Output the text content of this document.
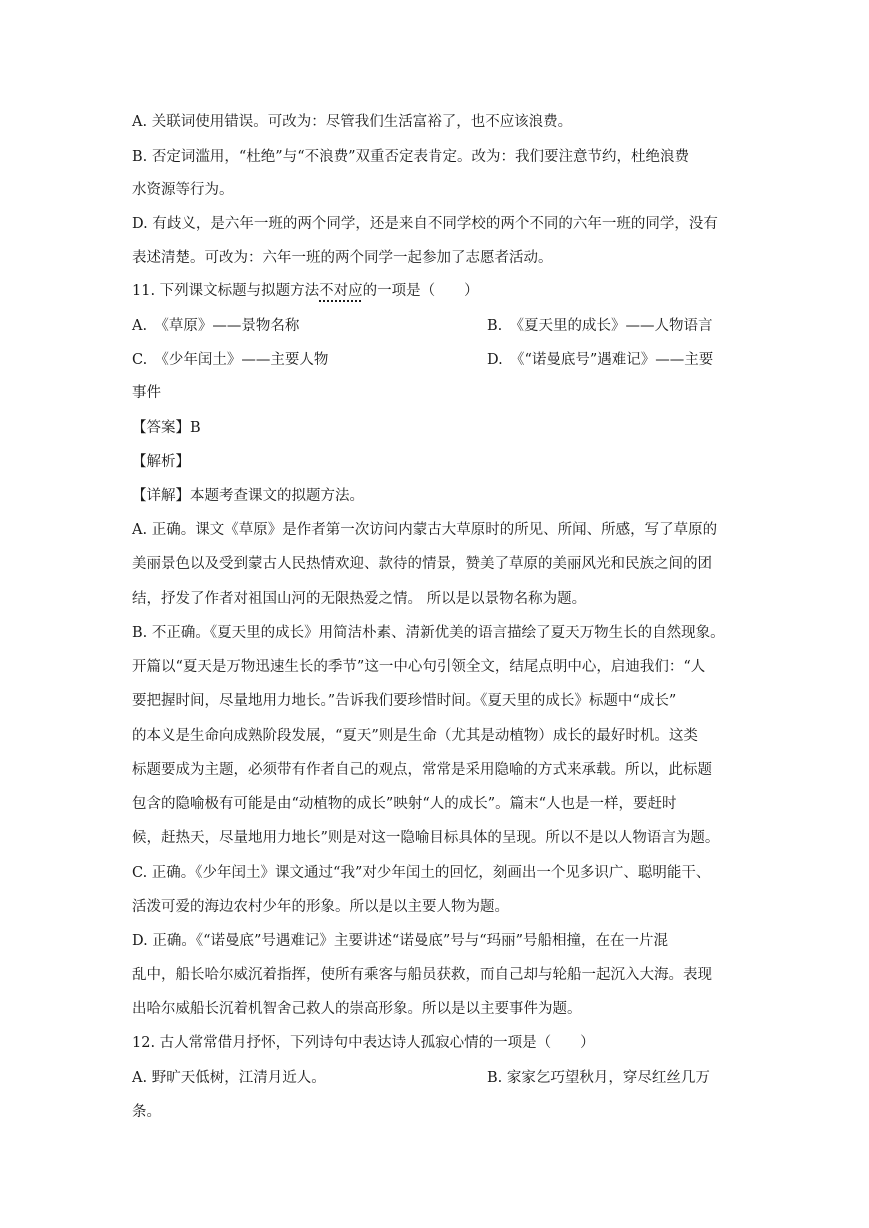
A. 关联词使用错误。可改为：尽管我们生活富裕了，也不应该浪费。
B. 否定词滥用，“杜绝”与“不浪费”双重否定表肯定。改为：我们要注意节约，杜绝浪费
水资源等行为。
D. 有歧义，是六年一班的两个同学，还是来自不同学校的两个不同的六年一班的同学，没有
表述清楚。可改为：六年一班的两个同学一起参加了志愿者活动。
11. 下列课文标题与拟题方法不对应的一项是（　　）
A.　《草原》——景物名称	B.　《夏天里的成长》——人物语言
C.　《少年闰土》——主要人物	D.　《“诺曼底号”遇难记》——主要
事件
【答案】B
【解析】
【详解】本题考查课文的拟题方法。
A. 正确。课文《草原》是作者第一次访问内蒙古大草原时的所见、所闻、所感，写了草原的
美丽景色以及受到蒙古人民热情欢迎、款待的情景，赞美了草原的美丽风光和民族之间的团
结，抒发了作者对祖国山河的无限热爱之情。 所以是以景物名称为题。
B. 不正确。《夏天里的成长》用简洁朴素、清新优美的语言描绘了夏天万物生长的自然现象。
开篇以“夏天是万物迅速生长的季节”这一中心句引领全文，结尾点明中心，启迪我们：“人
要把握时间，尽量地用力地长。”告诉我们要珍惜时间。《夏天里的成长》标题中“成长”
的本义是生命向成熟阶段发展，“夏天”则是生命（尤其是动植物）成长的最好时机。这类
标题要成为主题，必须带有作者自己的观点，常常是采用隐喻的方式来承载。所以，此标题
包含的隐喻极有可能是由“动植物的成长”映射“人的成长”。篇末“人也是一样，要赶时
候，赶热天，尽量地用力地长”则是对这一隐喻目标具体的呈现。所以不是以人物语言为题。
C. 正确。《少年闰土》课文通过“我”对少年闰土的回忆，刻画出一个见多识广、聪明能干、
活泼可爱的海边农村少年的形象。所以是以主要人物为题。
D. 正确。《“诺曼底”号遇难记》主要讲述“诺曼底”号与“玛丽”号船相撞，在在一片混
乱中，船长哈尔威沉着指挥，使所有乘客与船员获救，而自己却与轮船一起沉入大海。表现
出哈尔威船长沉着机智舍己救人的崇高形象。所以是以主要事件为题。
12. 古人常常借月抒怀，下列诗句中表达诗人孤寂心情的一项是（　　）
A. 野旷天低树，江清月近人。	B. 家家乞巧望秋月，穿尽红丝几万
条。
